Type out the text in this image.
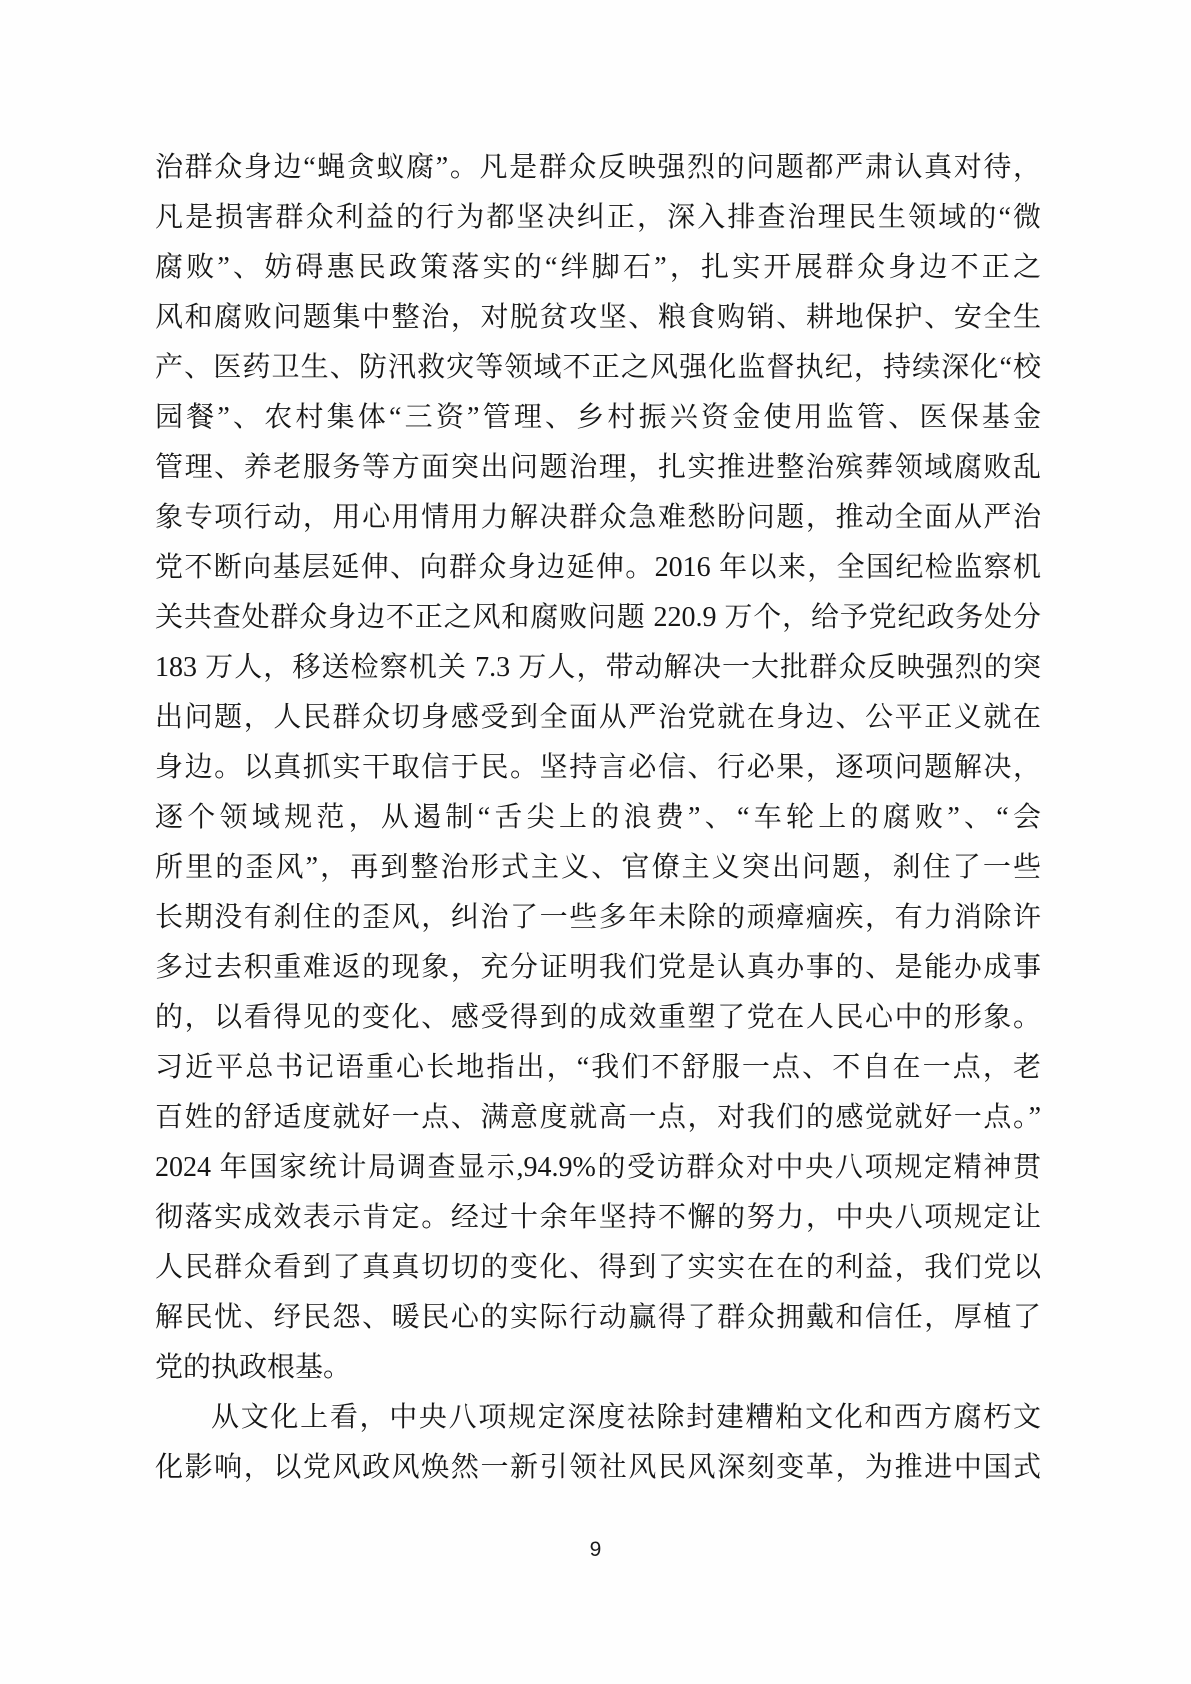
治群众身边“蝇贪蚁腐”。凡是群众反映强烈的问题都严肃认真对待，
凡是损害群众利益的行为都坚决纠正，深入排查治理民生领域的“微
腐败”、妨碍惠民政策落实的“绊脚石”，扎实开展群众身边不正之
风和腐败问题集中整治，对脱贫攻坚、粮食购销、耕地保护、安全生
产、医药卫生、防汛救灾等领域不正之风强化监督执纪，持续深化“校
园餐”、农村集体“三资”管理、乡村振兴资金使用监管、医保基金
管理、养老服务等方面突出问题治理，扎实推进整治殡葬领域腐败乱
象专项行动，用心用情用力解决群众急难愁盼问题，推动全面从严治
党不断向基层延伸、向群众身边延伸。2016 年以来，全国纪检监察机
关共查处群众身边不正之风和腐败问题 220.9 万个，给予党纪政务处分
183 万人，移送检察机关 7.3 万人，带动解决一大批群众反映强烈的突
出问题，人民群众切身感受到全面从严治党就在身边、公平正义就在
身边。以真抓实干取信于民。坚持言必信、行必果，逐项问题解决，
逐个领域规范，从遏制“舌尖上的浪费”、“车轮上的腐败”、“会
所里的歪风”，再到整治形式主义、官僚主义突出问题，刹住了一些
长期没有刹住的歪风，纠治了一些多年未除的顽瘴痼疾，有力消除许
多过去积重难返的现象，充分证明我们党是认真办事的、是能办成事
的，以看得见的变化、感受得到的成效重塑了党在人民心中的形象。
习近平总书记语重心长地指出，“我们不舒服一点、不自在一点，老
百姓的舒适度就好一点、满意度就高一点，对我们的感觉就好一点。”
2024 年国家统计局调查显示,94.9%的受访群众对中央八项规定精神贯
彻落实成效表示肯定。经过十余年坚持不懈的努力，中央八项规定让
人民群众看到了真真切切的变化、得到了实实在在的利益，我们党以
解民忧、纾民怨、暖民心的实际行动赢得了群众拥戴和信任，厚植了
党的执政根基。
从文化上看，中央八项规定深度祛除封建糟粕文化和西方腐朽文
化影响，以党风政风焕然一新引领社风民风深刻变革，为推进中国式
9
